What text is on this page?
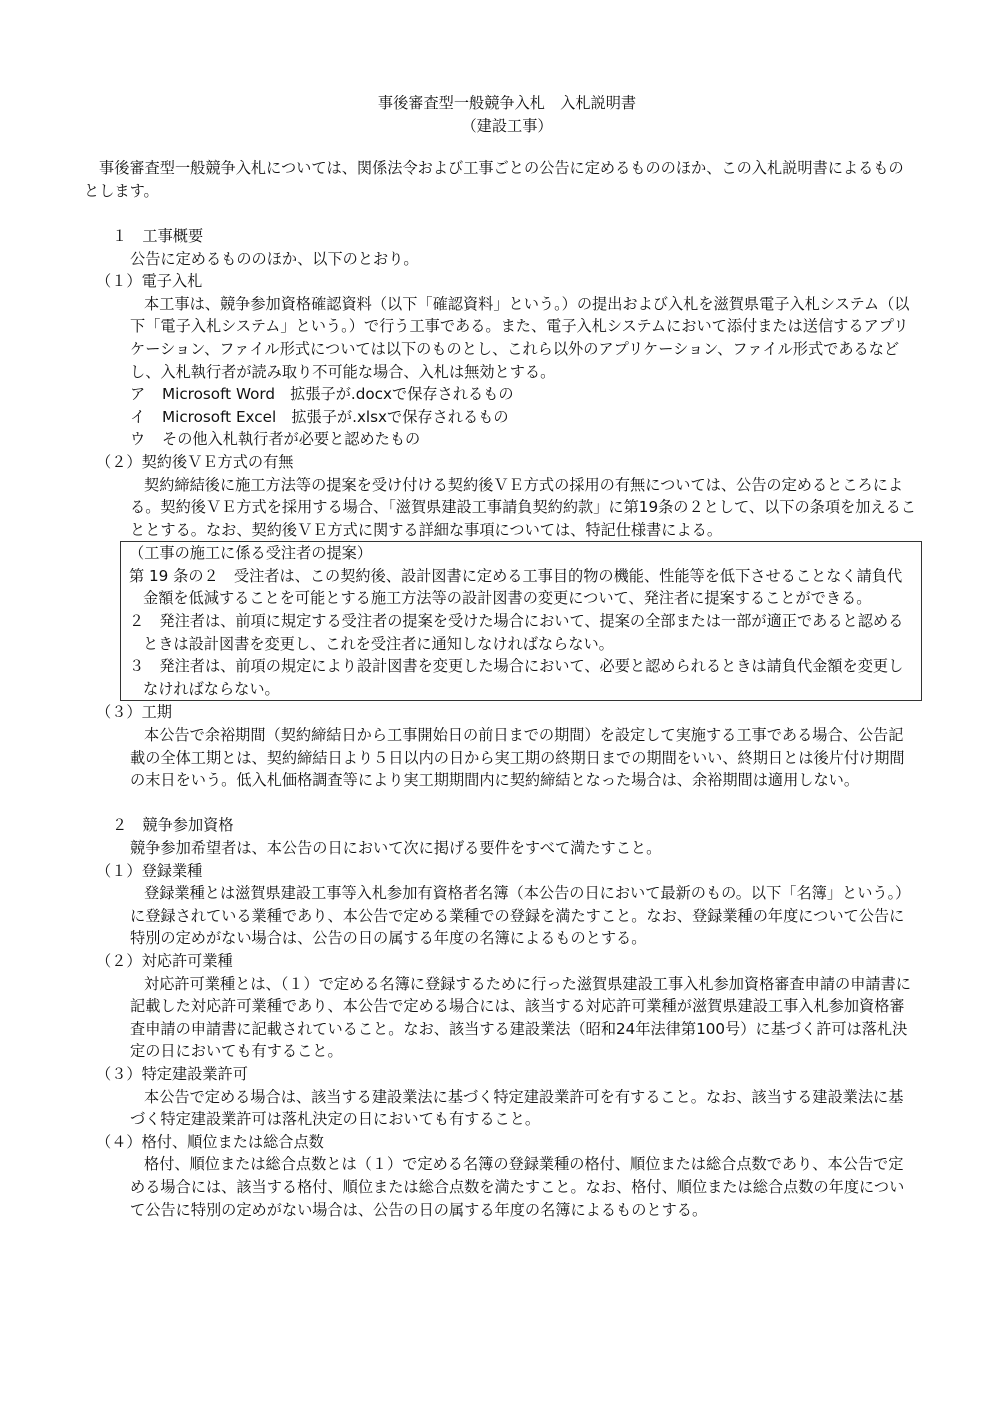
事後審査型一般競争入札　入札説明書

（建設工事）

事後審査型一般競争入札については、関係法令および工事ごとの公告に定めるもののほか、この入札説明書によるものとします。

１　工事概要

公告に定めるもののほか、以下のとおり。

（１）電子入札

本工事は、競争参加資格確認資料（以下「確認資料」という。）の提出および入札を滋賀県電子入札システム（以下「電子入札システム」という。）で行う工事である。また、電子入札システムにおいて添付または送信するアプリケーション、ファイル形式については以下のものとし、これら以外のアプリケーション、ファイル形式であるなどし、入札執行者が読み取り不可能な場合、入札は無効とする。

ア Microsoft Word　拡張子が.docxで保存されるもの

イ Microsoft Excel　拡張子が.xlsxで保存されるもの

ウ その他入札執行者が必要と認めたもの

（２）契約後ＶＥ方式の有無

契約締結後に施工方法等の提案を受け付ける契約後ＶＥ方式の採用の有無については、公告の定めるところによる。契約後ＶＥ方式を採用する場合、「滋賀県建設工事請負契約約款」に第19条の２として、以下の条項を加えることとする。なお、契約後ＶＥ方式に関する詳細な事項については、特記仕様書による。

（工事の施工に係る受注者の提案）

第 19 条の２　受注者は、この契約後、設計図書に定める工事目的物の機能、性能等を低下させることなく請負代金額を低減することを可能とする施工方法等の設計図書の変更について、発注者に提案することができる。

２　発注者は、前項に規定する受注者の提案を受けた場合において、提案の全部または一部が適正であると認めるときは設計図書を変更し、これを受注者に通知しなければならない。

３　発注者は、前項の規定により設計図書を変更した場合において、必要と認められるときは請負代金額を変更しなければならない。

（３）工期

本公告で余裕期間（契約締結日から工事開始日の前日までの期間）を設定して実施する工事である場合、公告記載の全体工期とは、契約締結日より５日以内の日から実工期の終期日までの期間をいい、終期日とは後片付け期間の末日をいう。低入札価格調査等により実工期期間内に契約締結となった場合は、余裕期間は適用しない。

２　競争参加資格

競争参加希望者は、本公告の日において次に掲げる要件をすべて満たすこと。

（１）登録業種

登録業種とは滋賀県建設工事等入札参加有資格者名簿（本公告の日において最新のもの。以下「名簿」という。）に登録されている業種であり、本公告で定める業種での登録を満たすこと。なお、登録業種の年度について公告に特別の定めがない場合は、公告の日の属する年度の名簿によるものとする。

（２）対応許可業種

対応許可業種とは、（１）で定める名簿に登録するために行った滋賀県建設工事入札参加資格審査申請の申請書に記載した対応許可業種であり、本公告で定める場合には、該当する対応許可業種が滋賀県建設工事入札参加資格審査申請の申請書に記載されていること。なお、該当する建設業法（昭和24年法律第100号）に基づく許可は落札決定の日においても有すること。

（３）特定建設業許可

本公告で定める場合は、該当する建設業法に基づく特定建設業許可を有すること。なお、該当する建設業法に基づく特定建設業許可は落札決定の日においても有すること。

（４）格付、順位または総合点数

格付、順位または総合点数とは（１）で定める名簿の登録業種の格付、順位または総合点数であり、本公告で定める場合には、該当する格付、順位または総合点数を満たすこと。なお、格付、順位または総合点数の年度について公告に特別の定めがない場合は、公告の日の属する年度の名簿によるものとする。
